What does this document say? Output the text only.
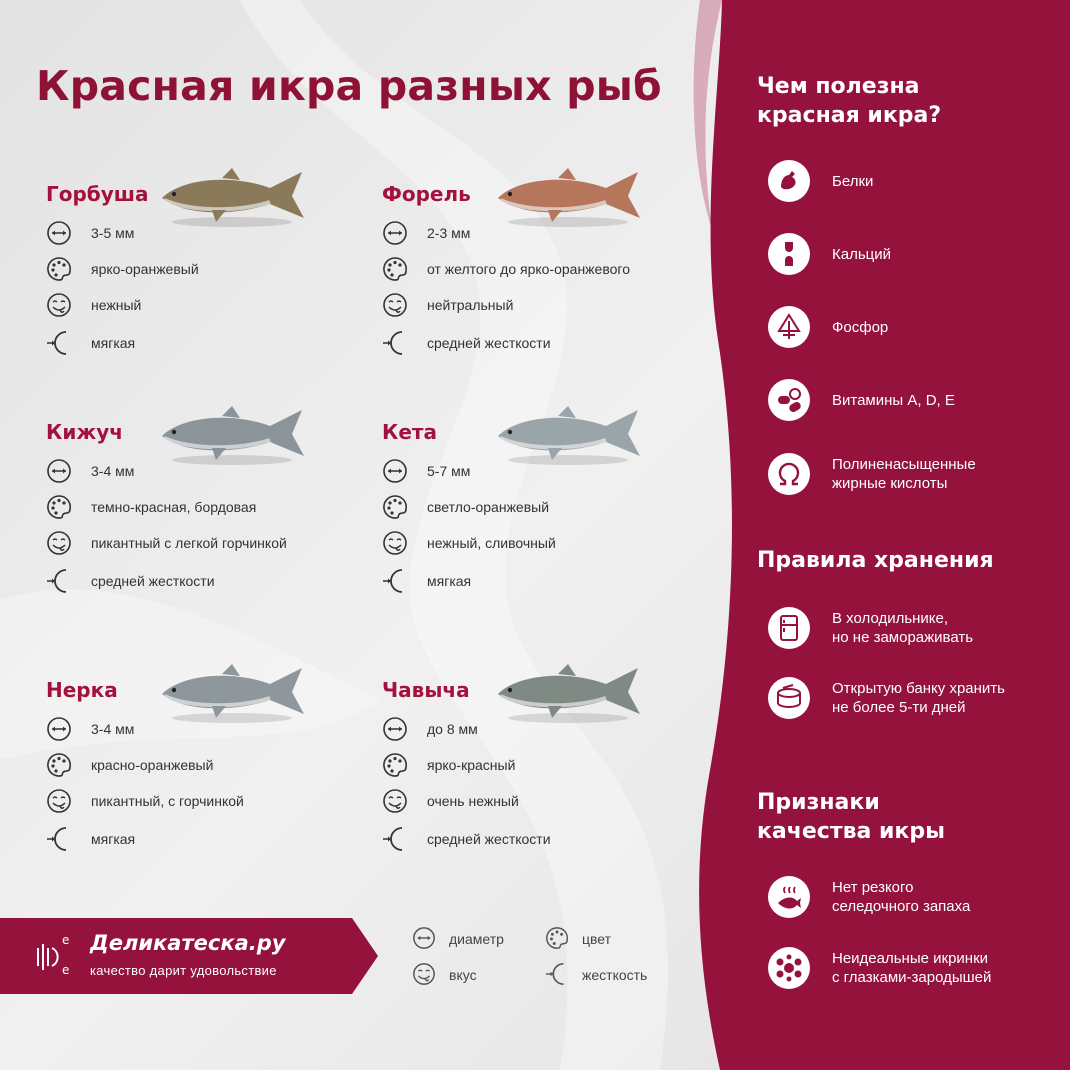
Красная икра разных рыб
Горбуша
3-5 мм
ярко-оранжевый
нежный
мягкая
Форель
2-3 мм
от желтого до ярко-оранжевого
нейтральный
средней жесткости
Кижуч
3-4 мм
темно-красная, бордовая
пикантный с легкой горчинкой
средней жесткости
Кета
5-7 мм
светло-оранжевый
нежный, сливочный
мягкая
Нерка
3-4 мм
красно-оранжевый
пикантный, с горчинкой
мягкая
Чавыча
до 8 мм
ярко-красный
очень нежный
средней жесткости
Чем полезна
красная икра?
Белки
Кальций
Фосфор
Витамины A, D, E
Полиненасыщенные
жирные кислоты
Правила хранения
В холодильнике,
но не замораживать
Открытую банку хранить
не более 5-ти дней
Признаки
качества икры
Нет резкого
селедочного запаха
Неидеальные икринки
с глазками-зародышей
e
e
Деликатеска.ру
качество дарит удовольствие
диаметр	цвет
вкус	жесткость
